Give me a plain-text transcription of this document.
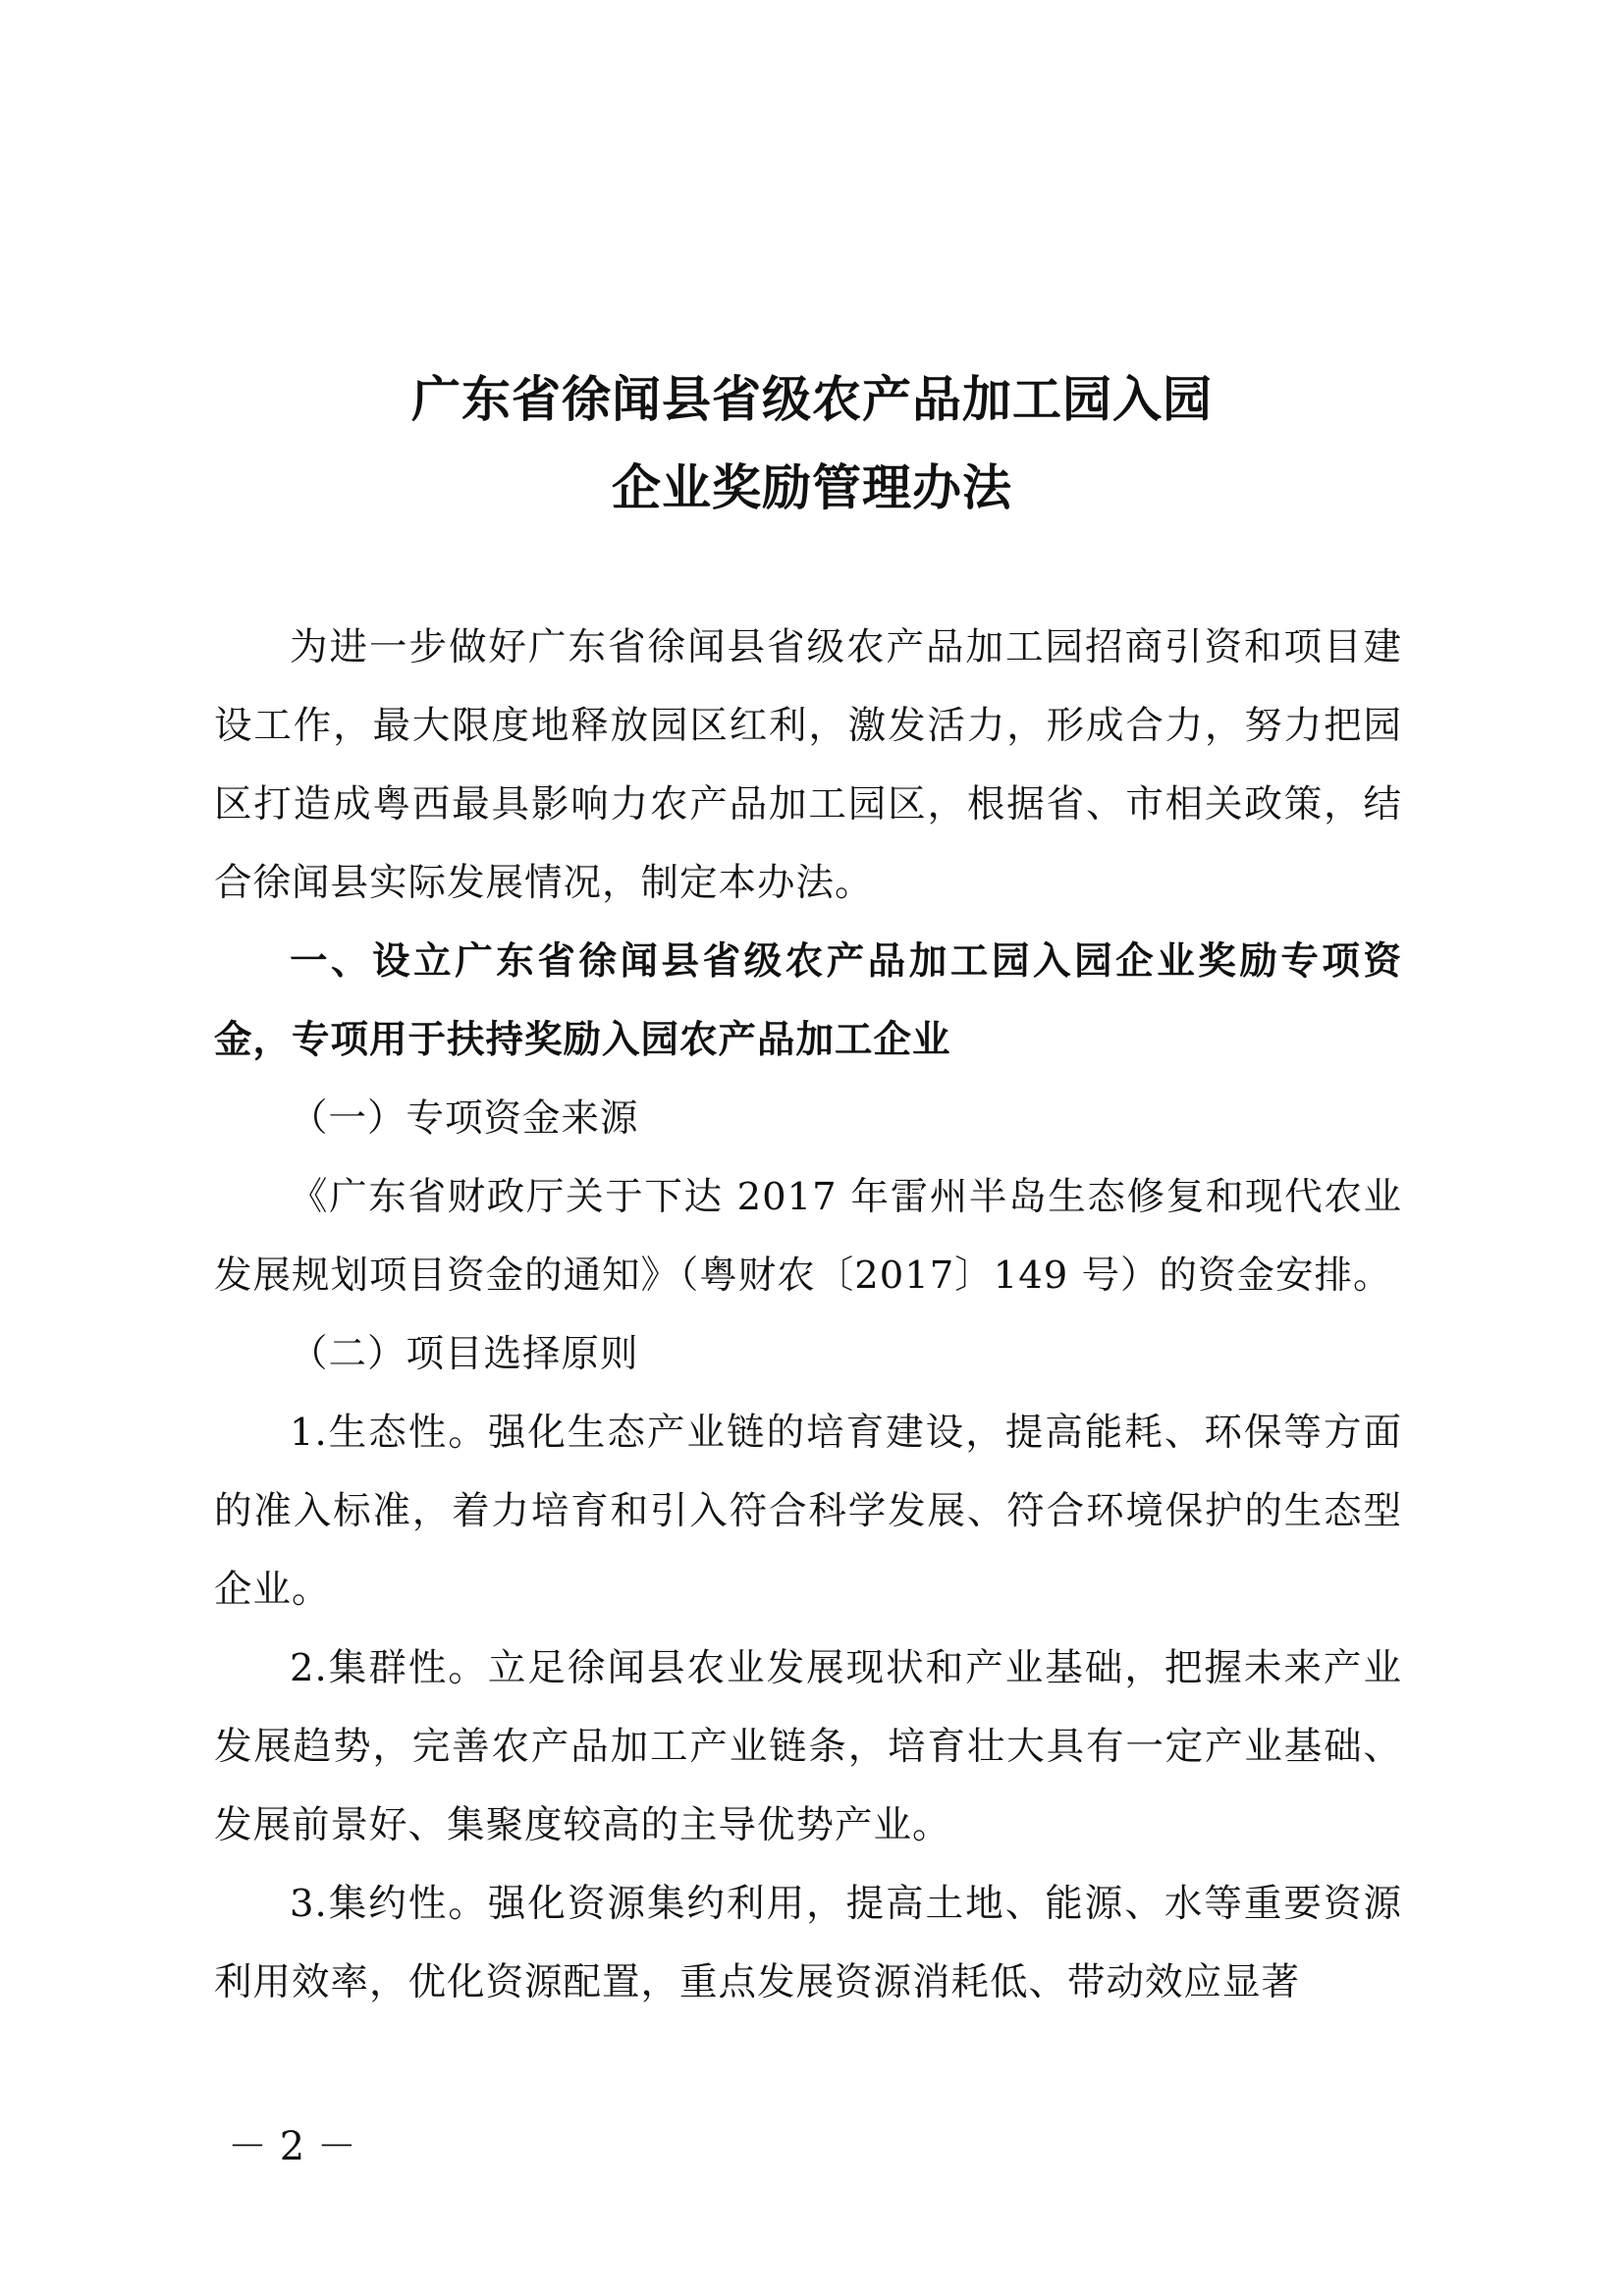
广东省徐闻县省级农产品加工园入园
企业奖励管理办法

为进一步做好广东省徐闻县省级农产品加工园招商引资和项目建设工作，最大限度地释放园区红利，激发活力，形成合力，努力把园区打造成粤西最具影响力农产品加工园区，根据省、市相关政策，结合徐闻县实际发展情况，制定本办法。

一、设立广东省徐闻县省级农产品加工园入园企业奖励专项资金，专项用于扶持奖励入园农产品加工企业

（一）专项资金来源

《广东省财政厅关于下达 2017 年雷州半岛生态修复和现代农业发展规划项目资金的通知》（粤财农〔2017〕149 号）的资金安排。

（二）项目选择原则

1.生态性。强化生态产业链的培育建设，提高能耗、环保等方面的准入标准，着力培育和引入符合科学发展、符合环境保护的生态型企业。

2.集群性。立足徐闻县农业发展现状和产业基础，把握未来产业发展趋势，完善农产品加工产业链条，培育壮大具有一定产业基础、发展前景好、集聚度较高的主导优势产业。

3.集约性。强化资源集约利用，提高土地、能源、水等重要资源利用效率，优化资源配置，重点发展资源消耗低、带动效应显著

－ 2 －
